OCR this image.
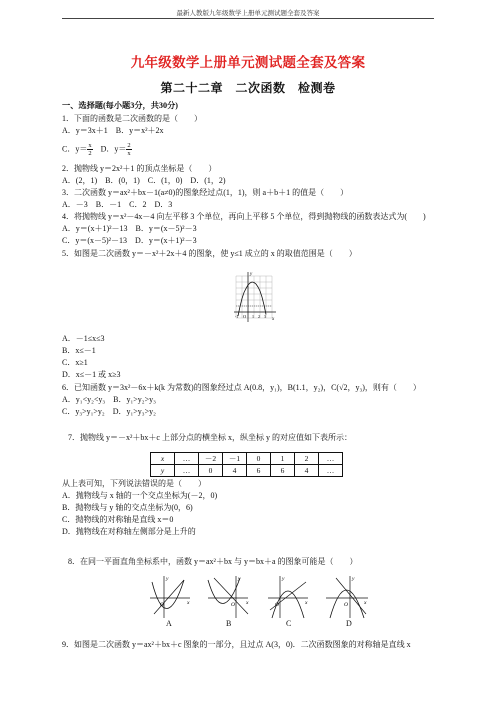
最新人教版九年级数学上册单元测试题全套及答案
九年级数学上册单元测试题全套及答案
第二十二章　二次函数　检测卷
一、选择题(每小题3分，共30分)
1．下面的函数是二次函数的是（　　）
A．y＝3x＋1　B．y＝x²＋2x
C．$y= \frac{x}{2}$ 　D．$y= \frac{2}{x}$
2．抛物线 y＝2x²＋1 的顶点坐标是（　　）
A．(2，1)　B．(0，1)　C．(1，0)　D．(1，2)
3．二次函数 y＝ax²＋bx－1(a≠0)的图象经过点(1，1)，则 a＋b＋1 的值是（　　）
A．－3　B．－1　C．2　D．3
4．将抛物线 y＝x²－4x－4 向左平移 3 个单位，再向上平移 5 个单位，得到抛物线的函数表达式为(　　)
A．y＝(x＋1)²－13　B．y＝(x－5)²－3
C．y＝(x－5)²－13　D．y＝(x＋1)²－3
5．如图是二次函数 y＝－x²＋2x＋4 的图象，使 y≤1 成立的 x 的取值范围是（　　）
x
y
O
-1	1 2 3
A．－1≤x≤3
B．x≤－1
C．x≥1
D．x≤－1 或 x≥3
6．已知函数 y＝3x²－6x＋k(k 为常数)的图象经过点 A(0.8，y₁)，B(1.1，y₂)，C(√2，y₃)，则有（　　）
A．y₁<y₂<y₃　B．y₁>y₂>y₃
C．y₃>y₁>y₂　D．y₁>y₃>y₂
7．抛物线 y＝－x²＋bx＋c 上部分点的横坐标 x，纵坐标 y 的对应值如下表所示：
x	…	－2	－1	0	1	2	…
y	…	0	4	6	6	4	…
从上表可知，下列说法错误的是（　　）
A．抛物线与 x 轴的一个交点坐标为(－2，0)
B．抛物线与 y 轴的交点坐标为(0，6)
C．抛物线的对称轴是直线 x＝0
D．抛物线在对称轴左侧部分是上升的
8．在同一平面直角坐标系中，函数 y＝ax²＋bx 与 y＝bx＋a 的图象可能是（　　）
O	x
y
O x
y
O	x
y
O	x
y
A	B	C	D
9．如图是二次函数 y＝ax²＋bx＋c 图象的一部分，且过点 A(3，0)．二次函数图象的对称轴是直线 x
